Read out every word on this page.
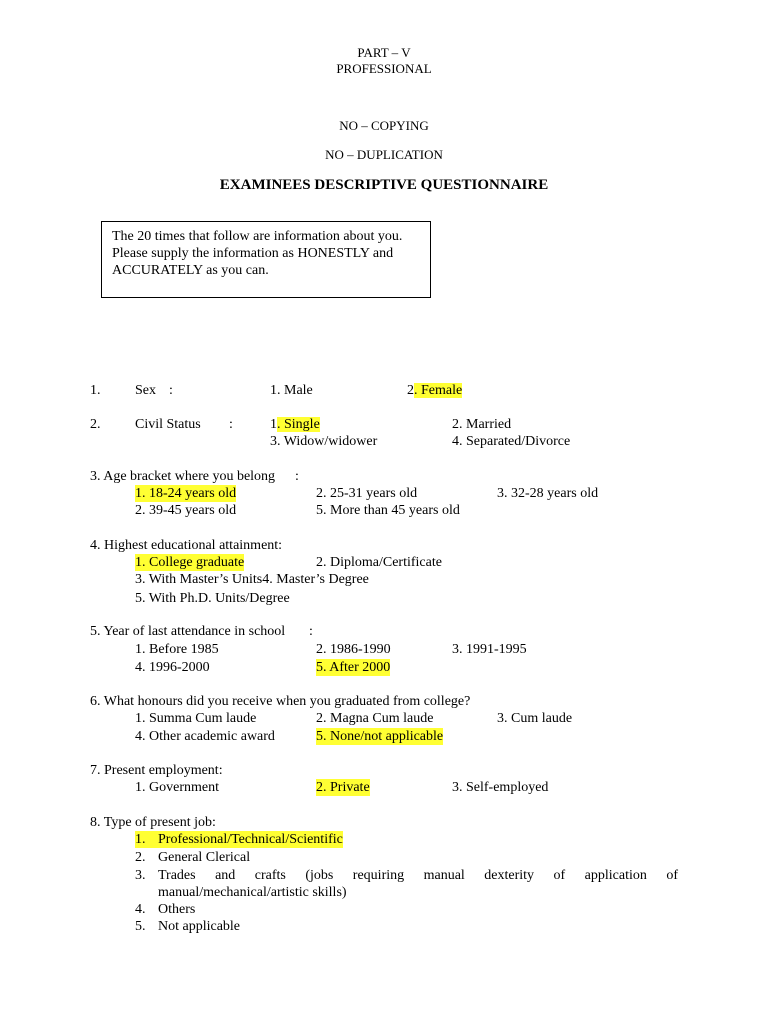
PART – V
PROFESSIONAL
NO – COPYING
NO – DUPLICATION
EXAMINEES DESCRIPTIVE QUESTIONNAIRE
The 20 times that follow are information about you.
Please supply the information as HONESTLY and
ACCURATELY as you can.
1. Sex :	1. Male	2. Female
2. Civil Status :	1. Single	2. Married
3. Widow/widower	4. Separated/Divorce
3. Age bracket where you belong :
1. 18-24 years old	2. 25-31 years old	3. 32-28 years old
2. 39-45 years old	5. More than 45 years old
4. Highest educational attainment:
1. College graduate	2. Diploma/Certificate
3. With Master’s Units4. Master’s Degree
5. With Ph.D. Units/Degree
5. Year of last attendance in school :
1. Before 1985	2. 1986-1990	3. 1991-1995
4. 1996-2000	5. After 2000
6. What honours did you receive when you graduated from college?
1. Summa Cum laude	2. Magna Cum laude	3. Cum laude
4. Other academic award	5. None/not applicable
7. Present employment:
1. Government	2. Private	3. Self-employed
8. Type of present job:
1. Professional/Technical/Scientific
2. General Clerical
3. Trades and crafts (jobs requiring manual dexterity of application of
manual/mechanical/artistic skills)
4. Others
5. Not applicable
